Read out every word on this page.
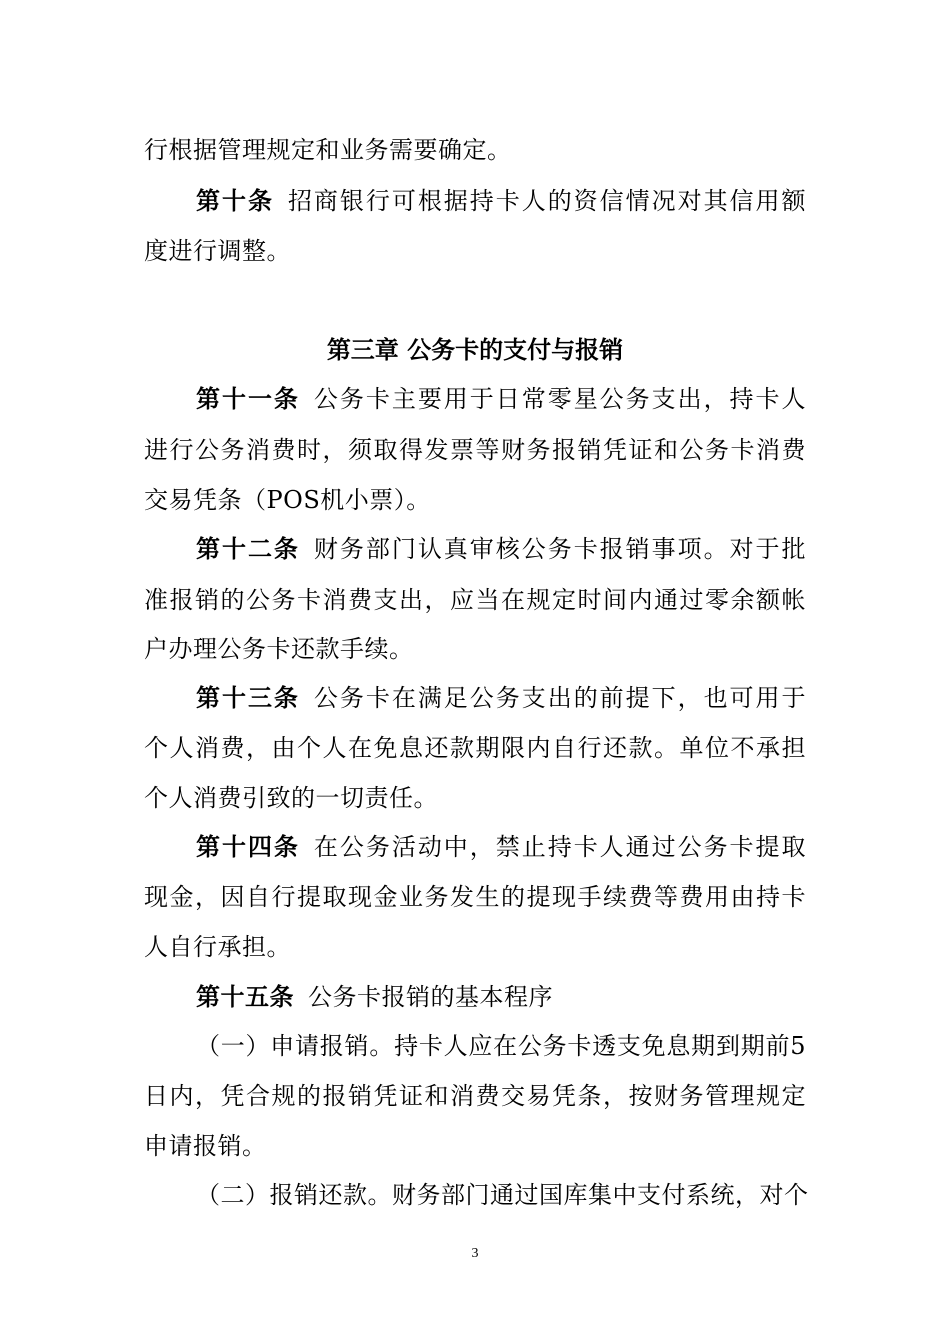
行根据管理规定和业务需要确定。
第十条 招商银行可根据持卡人的资信情况对其信用额
度进行调整。
第三章 公务卡的支付与报销
第十一条 公务卡主要用于日常零星公务支出，持卡人
进行公务消费时，须取得发票等财务报销凭证和公务卡消费
交易凭条（POS机小票）。
第十二条 财务部门认真审核公务卡报销事项。对于批
准报销的公务卡消费支出，应当在规定时间内通过零余额帐
户办理公务卡还款手续。
第十三条 公务卡在满足公务支出的前提下，也可用于
个人消费，由个人在免息还款期限内自行还款。单位不承担
个人消费引致的一切责任。
第十四条 在公务活动中，禁止持卡人通过公务卡提取
现金，因自行提取现金业务发生的提现手续费等费用由持卡
人自行承担。
第十五条 公务卡报销的基本程序
（一）申请报销。持卡人应在公务卡透支免息期到期前5
日内，凭合规的报销凭证和消费交易凭条，按财务管理规定
申请报销。
（二）报销还款。财务部门通过国库集中支付系统，对个
3
